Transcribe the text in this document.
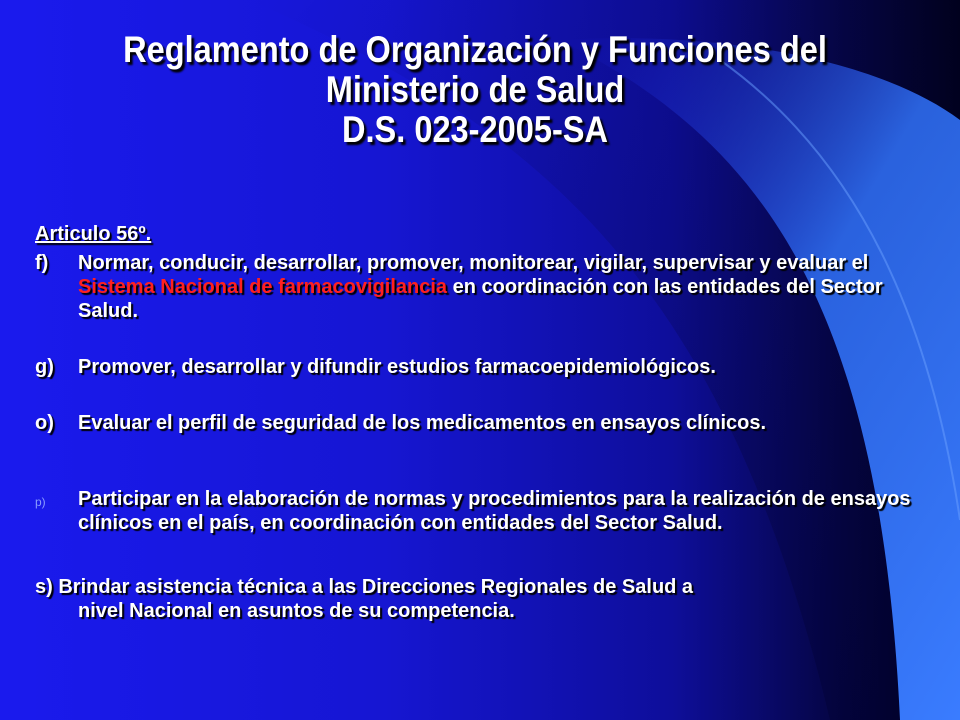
Reglamento de Organización y Funciones del
Ministerio de Salud
D.S. 023-2005-SA
Articulo 56º.
f)	Normar, conducir, desarrollar, promover, monitorear, vigilar, supervisar y evaluar el Sistema Nacional de farmacovigilancia en coordinación con las entidades del Sector Salud.
g)	Promover, desarrollar y difundir estudios farmacoepidemiológicos.
o)	Evaluar el perfil de seguridad de los medicamentos en ensayos clínicos.
p)	Participar en la elaboración de normas y procedimientos para la realización de ensayos clínicos en el país, en coordinación con entidades del Sector Salud.
s) Brindar asistencia técnica a las Direcciones Regionales de Salud a
nivel Nacional en asuntos de su competencia.
